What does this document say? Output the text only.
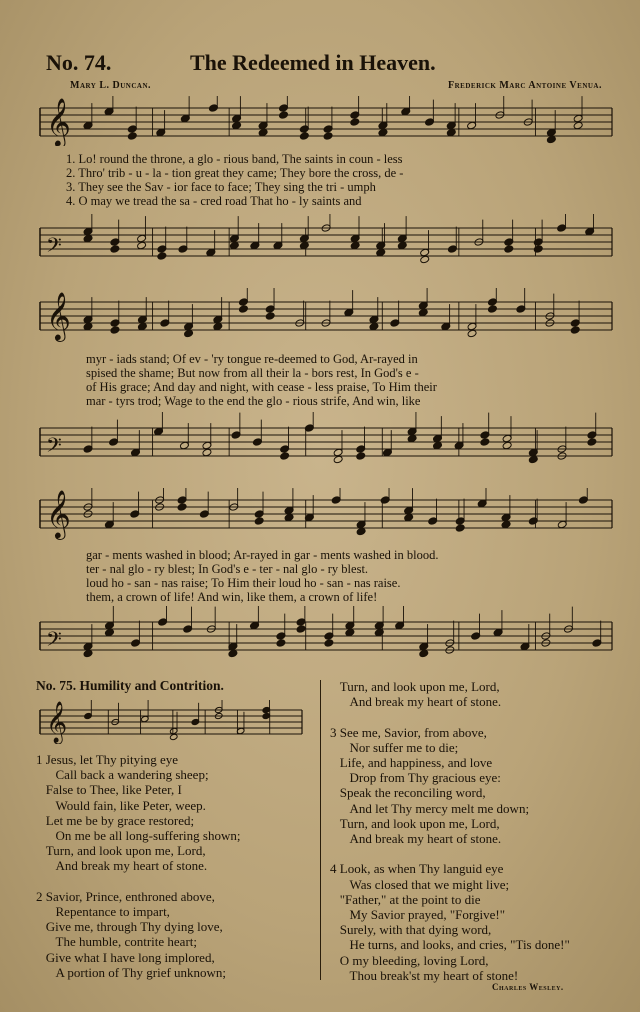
No. 74.	The Redeemed in Heaven.
Mary L. Duncan.	Frederick Marc Antoine Venua.
𝄞
1. Lo! round the throne, a glo - rious band, The saints in coun - less
2. Thro' trib - u - la - tion great they came; They bore the cross, de -
3. They see the Sav - ior face to face; They sing the tri - umph
4. O may we tread the sa - cred road That ho - ly saints and
𝄢
𝄞
myr - iads stand; Of ev - 'ry tongue re-deemed to God, Ar-rayed in
spised the shame; But now from all their la - bors rest, In God's e -
of His grace; And day and night, with cease - less praise, To Him their
mar - tyrs trod; Wage to the end the glo - rious strife, And win, like
𝄢
𝄞
gar - ments washed in blood; Ar-rayed in gar - ments washed in blood.
ter - nal glo - ry blest; In God's e - ter - nal glo - ry blest.
loud ho - san - nas raise; To Him their loud ho - san - nas raise.
them, a crown of life! And win, like them, a crown of life!
𝄢
No. 75. Humility and Contrition.
𝄞
1 Jesus, let Thy pitying eye
Call back a wandering sheep;
False to Thee, like Peter, I
Would fain, like Peter, weep.
Let me be by grace restored;
On me be all long-suffering shown;
Turn, and look upon me, Lord,
And break my heart of stone.
2 Savior, Prince, enthroned above,
Repentance to impart,
Give me, through Thy dying love,
The humble, contrite heart;
Give what I have long implored,
A portion of Thy grief unknown;
Turn, and look upon me, Lord,
And break my heart of stone.
3 See me, Savior, from above,
Nor suffer me to die;
Life, and happiness, and love
Drop from Thy gracious eye:
Speak the reconciling word,
And let Thy mercy melt me down;
Turn, and look upon me, Lord,
And break my heart of stone.
4 Look, as when Thy languid eye
Was closed that we might live;
"Father," at the point to die
My Savior prayed, "Forgive!"
Surely, with that dying word,
He turns, and looks, and cries, "Tis done!"
O my bleeding, loving Lord,
Thou break'st my heart of stone!
Charles Wesley.
